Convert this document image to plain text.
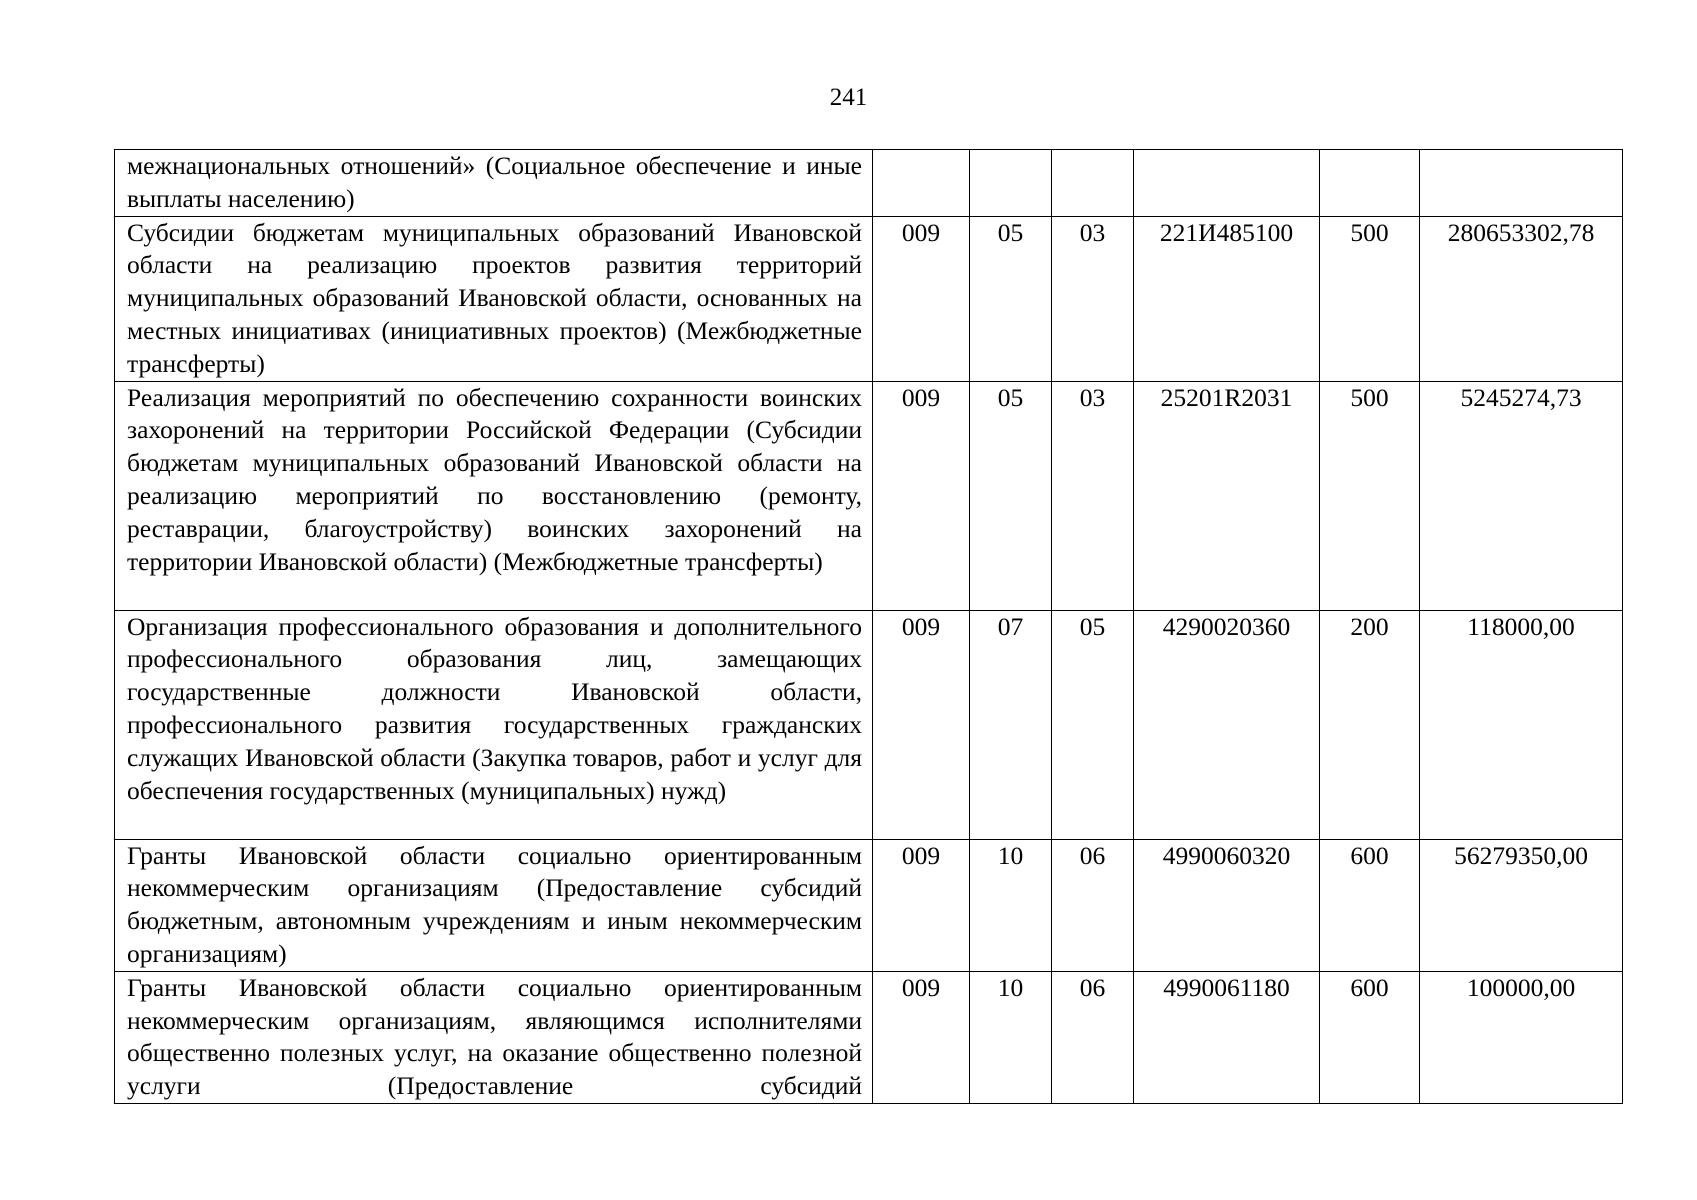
241
межнациональных отношений» (Социальное обеспечение и иные выплаты населению)						
Субсидии бюджетам муниципальных образований Ивановской области на реализацию проектов развития территорий муниципальных образований Ивановской области, основанных на местных инициативах (инициативных проектов) (Межбюджетные трансферты)	009	05	03	221И485100	500	280653302,78
Реализация мероприятий по обеспечению сохранности воинских захоронений на территории Российской Федерации (Субсидии бюджетам муниципальных образований Ивановской области на реализацию мероприятий по восстановлению (ремонту, реставрации, благоустройству) воинских захоронений на территории Ивановской области) (Межбюджетные трансферты)	009	05	03	25201R2031	500	5245274,73
Организация профессионального образования и дополнительного профессионального образования лиц, замещающих государственные должности Ивановской области, профессионального развития государственных гражданских служащих Ивановской области (Закупка товаров, работ и услуг для обеспечения государственных (муниципальных) нужд)	009	07	05	4290020360	200	118000,00
Гранты Ивановской области социально ориентированным некоммерческим организациям (Предоставление субсидий бюджетным, автономным учреждениям и иным некоммерческим организациям)	009	10	06	4990060320	600	56279350,00
Гранты Ивановской области социально ориентированным некоммерческим организациям, являющимся исполнителями общественно полезных услуг, на оказание общественно полезной услуги (Предоставление субсидий	009	10	06	4990061180	600	100000,00
